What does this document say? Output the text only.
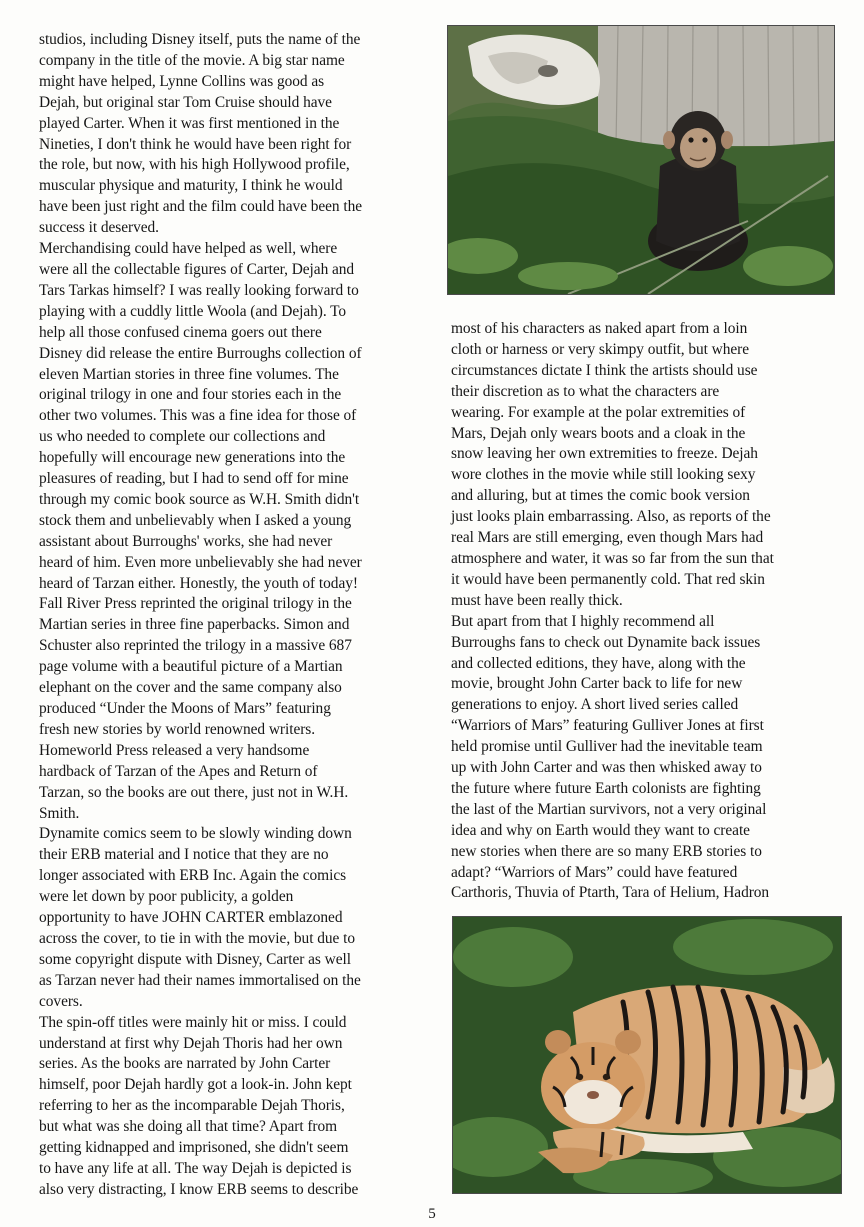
studios, including Disney itself, puts the name of the

company in the title of the movie. A big star name

might have helped, Lynne Collins was good as

Dejah, but original star Tom Cruise should have

played Carter. When it was first mentioned in the

Nineties, I don't think he would have been right for

the role, but now, with his high Hollywood profile,

muscular physique and maturity, I think he would

have been just right and the film could have been the

success it deserved.

Merchandising could have helped as well, where

were all the collectable figures of Carter, Dejah and

Tars Tarkas himself? I was really looking forward to

playing with a cuddly little Woola (and Dejah). To

help all those confused cinema goers out there

Disney did release the entire Burroughs collection of

eleven Martian stories in three fine volumes. The

original trilogy in one and four stories each in the

other two volumes. This was a fine idea for those of

us who needed to complete our collections and

hopefully will encourage new generations into the

pleasures of reading, but I had to send off for mine

through my comic book source as W.H. Smith didn't

stock them and unbelievably when I asked a young

assistant about Burroughs' works, she had never

heard of him. Even more unbelievably she had never

heard of Tarzan either. Honestly, the youth of today!

Fall River Press reprinted the original trilogy in the

Martian series in three fine paperbacks. Simon and

Schuster also reprinted the trilogy in a massive 687

page volume with a beautiful picture of a Martian

elephant on the cover and the same company also

produced “Under the Moons of Mars” featuring

fresh new stories by world renowned writers.

Homeworld Press released a very handsome

hardback of Tarzan of the Apes and Return of

Tarzan, so the books are out there, just not in W.H.

Smith.

Dynamite comics seem to be slowly winding down

their ERB material and I notice that they are no

longer associated with ERB Inc. Again the comics

were let down by poor publicity, a golden

opportunity to have JOHN CARTER emblazoned

across the cover, to tie in with the movie, but due to

some copyright dispute with Disney, Carter as well

as Tarzan never had their names immortalised on the

covers.

The spin-off titles were mainly hit or miss. I could

understand at first why Dejah Thoris had her own

series. As the books are narrated by John Carter

himself, poor Dejah hardly got a look-in. John kept

referring to her as the incomparable Dejah Thoris,

but what was she doing all that time? Apart from

getting kidnapped and imprisoned, she didn't seem

to have any life at all. The way Dejah is depicted is

also very distracting, I know ERB seems to describe

most of his characters as naked apart from a loin

cloth or harness or very skimpy outfit, but where

circumstances dictate I think the artists should use

their discretion as to what the characters are

wearing. For example at the polar extremities of

Mars, Dejah only wears boots and a cloak in the

snow leaving her own extremities to freeze. Dejah

wore clothes in the movie while still looking sexy

and alluring, but at times the comic book version

just looks plain embarrassing. Also, as reports of the

real Mars are still emerging, even though Mars had

atmosphere and water, it was so far from the sun that

it would have been permanently cold. That red skin

must have been really thick.

But apart from that I highly recommend all

Burroughs fans to check out Dynamite back issues

and collected editions, they have, along with the

movie, brought John Carter back to life for new

generations to enjoy. A short lived series called

“Warriors of Mars” featuring Gulliver Jones at first

held promise until Gulliver had the inevitable team

up with John Carter and was then whisked away to

the future where future Earth colonists are fighting

the last of the Martian survivors, not a very original

idea and why on Earth would they want to create

new stories when there are so many ERB stories to

adapt? “Warriors of Mars” could have featured

Carthoris, Thuvia of Ptarth, Tara of Helium, Hadron

5
